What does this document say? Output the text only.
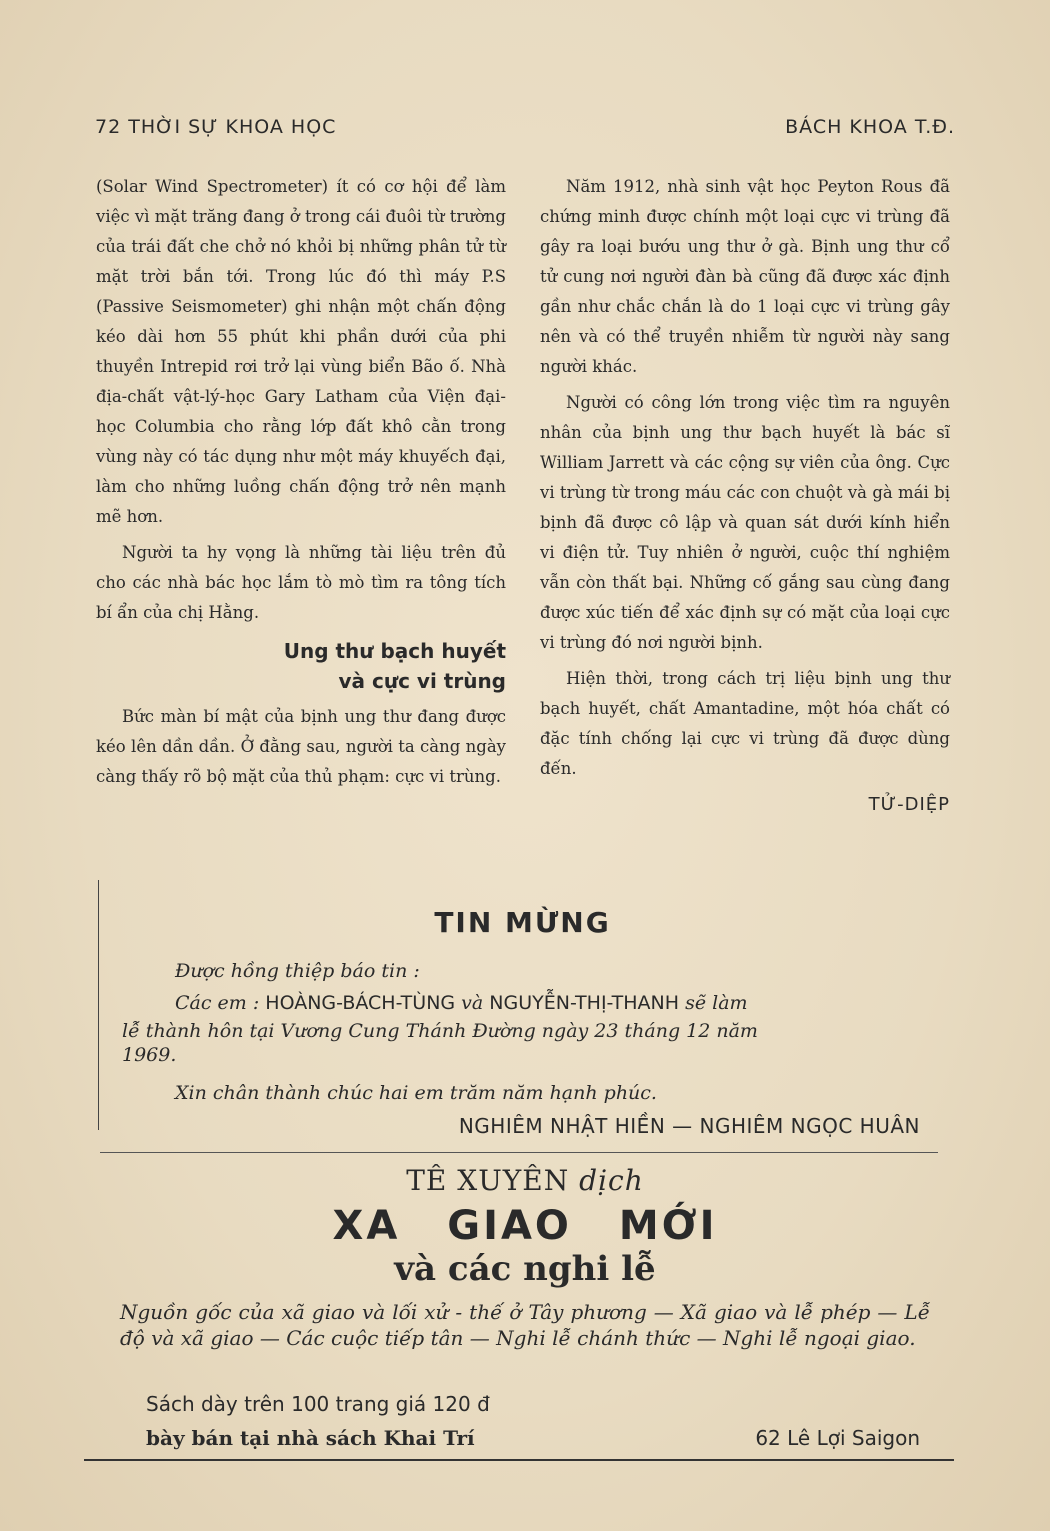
72 THỜI SỰ KHOA HỌC	BÁCH KHOA T.Đ.

(Solar Wind Spectrometer) ít có cơ hội để làm việc vì mặt trăng đang ở trong cái đuôi từ trường của trái đất che chở nó khỏi bị những phân tử từ mặt trời bắn tới. Trong lúc đó thì máy P.S (Passive Seismometer) ghi nhận một chấn động kéo dài hơn 55 phút khi phần dưới của phi thuyền Intrepid rơi trở lại vùng biển Bão ố. Nhà địa-chất vật-lý-học Gary Latham của Viện đại-học Columbia cho rằng lớp đất khô cằn trong vùng này có tác dụng như một máy khuyếch đại, làm cho những luồng chấn động trở nên mạnh mẽ hơn.

Người ta hy vọng là những tài liệu trên đủ cho các nhà bác học lắm tò mò tìm ra tông tích bí ẩn của chị Hằng.

Ung thư bạch huyết
và cực vi trùng

Bức màn bí mật của bịnh ung thư đang được kéo lên dần dần. Ở đằng sau, người ta càng ngày càng thấy rõ bộ mặt của thủ phạm: cực vi trùng.

Năm 1912, nhà sinh vật học Peyton Rous đã chứng minh được chính một loại cực vi trùng đã gây ra loại bướu ung thư ở gà. Bịnh ung thư cổ tử cung nơi người đàn bà cũng đã được xác định gần như chắc chắn là do 1 loại cực vi trùng gây nên và có thể truyền nhiễm từ người này sang người khác.

Người có công lớn trong việc tìm ra nguyên nhân của bịnh ung thư bạch huyết là bác sĩ William Jarrett và các cộng sự viên của ông. Cực vi trùng từ trong máu các con chuột và gà mái bị bịnh đã được cô lập và quan sát dưới kính hiển vi điện tử. Tuy nhiên ở người, cuộc thí nghiệm vẫn còn thất bại. Những cố gắng sau cùng đang được xúc tiến để xác định sự có mặt của loại cực vi trùng đó nơi người bịnh.

Hiện thời, trong cách trị liệu bịnh ung thư bạch huyết, chất Amantadine, một hóa chất có đặc tính chống lại cực vi trùng đã được dùng đến.

TỬ-DIỆP
TIN MỪNG
Được hồng thiệp báo tin :
Các em : HOÀNG-BÁCH-TÙNG và NGUYỄN-THỊ-THANH sẽ làm
lễ thành hôn tại Vương Cung Thánh Đường ngày 23 tháng 12 năm
1969.
Xin chân thành chúc hai em trăm năm hạnh phúc.
NGHIÊM NHẬT HIỀN — NGHIÊM NGỌC HUÂN
TÊ XUYÊN dịch
XA GIAO MỚI
và các nghi lễ
Nguồn gốc của xã giao và lối xử - thế ở Tây phương — Xã giao và lễ phép — Lễ độ và xã giao — Các cuộc tiếp tân — Nghi lễ chánh thức — Nghi lễ ngoại giao.
Sách dày trên 100 trang giá 120 đ
bày bán tại nhà sách Khai Trí	62 Lê Lợi Saigon
